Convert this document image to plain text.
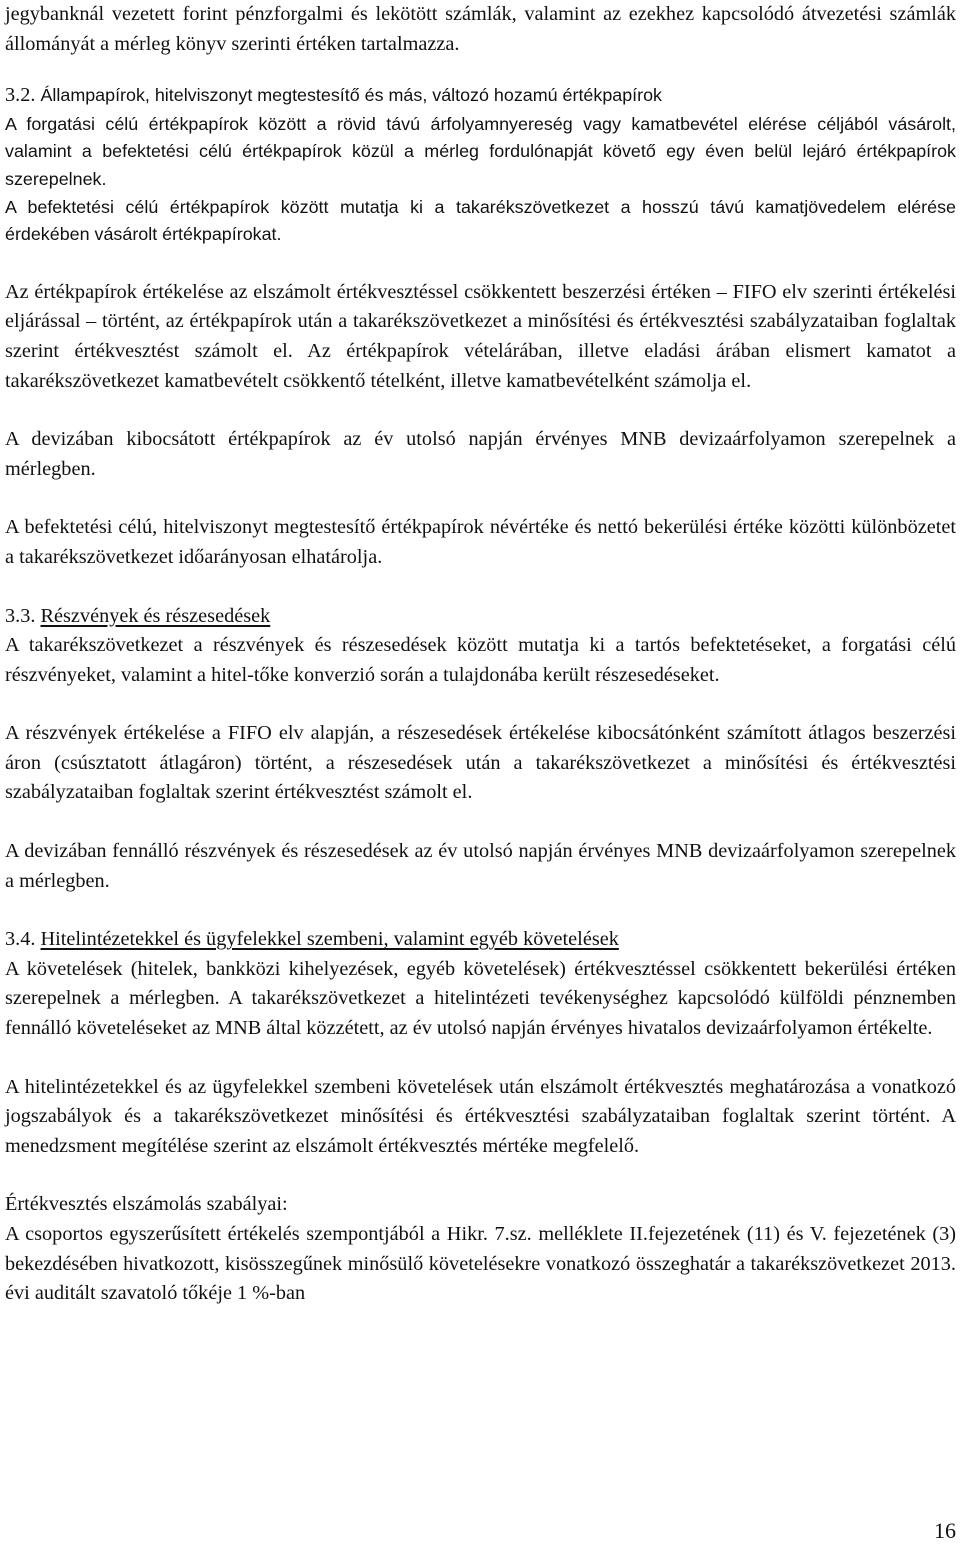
jegybanknál vezetett forint pénzforgalmi és lekötött számlák, valamint az ezekhez kapcsolódó átvezetési számlák állományát a mérleg könyv szerinti értéken tartalmazza.

3.2. Állampapírok, hitelviszonyt megtestesítő és más, változó hozamú értékpapírok

A forgatási célú értékpapírok között a rövid távú árfolyamnyereség vagy kamatbevétel elérése céljából vásárolt, valamint a befektetési célú értékpapírok közül a mérleg fordulónapját követő egy éven belül lejáró értékpapírok szerepelnek.

A befektetési célú értékpapírok között mutatja ki a takarékszövetkezet a hosszú távú kamatjövedelem elérése érdekében vásárolt értékpapírokat.

Az értékpapírok értékelése az elszámolt értékvesztéssel csökkentett beszerzési értéken – FIFO elv szerinti értékelési eljárással – történt, az értékpapírok után a takarékszövetkezet a minősítési és értékvesztési szabályzataiban foglaltak szerint értékvesztést számolt el. Az értékpapírok vételárában, illetve eladási árában elismert kamatot a takarékszövetkezet kamatbevételt csökkentő tételként, illetve kamatbevételként számolja el.

A devizában kibocsátott értékpapírok az év utolsó napján érvényes MNB devizaárfolyamon szerepelnek a mérlegben.

A befektetési célú, hitelviszonyt megtestesítő értékpapírok névértéke és nettó bekerülési értéke közötti különbözetet a takarékszövetkezet időarányosan elhatárolja.

3.3. Részvények és részesedések

A takarékszövetkezet a részvények és részesedések között mutatja ki a tartós befektetéseket, a forgatási célú részvényeket, valamint a hitel-tőke konverzió során a tulajdonába került részesedéseket.

A részvények értékelése a FIFO elv alapján, a részesedések értékelése kibocsátónként számított átlagos beszerzési áron (csúsztatott átlagáron) történt, a részesedések után a takarékszövetkezet a minősítési és értékvesztési szabályzataiban foglaltak szerint értékvesztést számolt el.

A devizában fennálló részvények és részesedések az év utolsó napján érvényes MNB devizaárfolyamon szerepelnek a mérlegben.

3.4. Hitelintézetekkel és ügyfelekkel szembeni, valamint egyéb követelések

A követelések (hitelek, bankközi kihelyezések, egyéb követelések) értékvesztéssel csökkentett bekerülési értéken szerepelnek a mérlegben. A takarékszövetkezet a hitelintézeti tevékenységhez kapcsolódó külföldi pénznemben fennálló követeléseket az MNB által közzétett, az év utolsó napján érvényes hivatalos devizaárfolyamon értékelte.

A hitelintézetekkel és az ügyfelekkel szembeni követelések után elszámolt értékvesztés meghatározása a vonatkozó jogszabályok és a takarékszövetkezet minősítési és értékvesztési szabályzataiban foglaltak szerint történt. A menedzsment megítélése szerint az elszámolt értékvesztés mértéke megfelelő.

Értékvesztés elszámolás szabályai:

A csoportos egyszerűsített értékelés szempontjából a Hikr. 7.sz. melléklete II.fejezetének (11) és V. fejezetének (3) bekezdésében hivatkozott, kisösszegűnek minősülő követelésekre vonatkozó összeghatár a takarékszövetkezet 2013. évi auditált szavatoló tőkéje 1 %-ban

16
